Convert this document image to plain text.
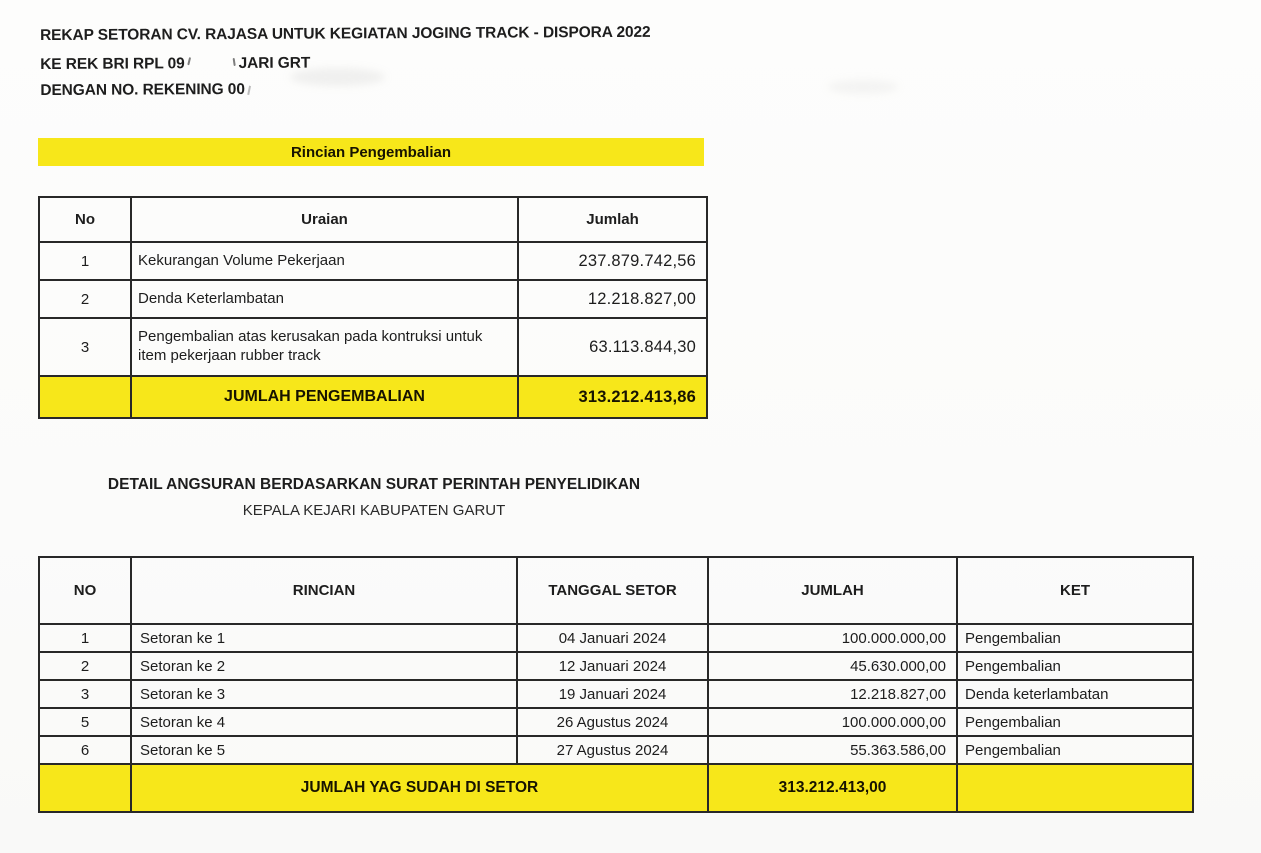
REKAP SETORAN CV. RAJASA UNTUK KEGIATAN JOGING TRACK - DISPORA 2022
KE REK BRI RPL 09	JARI GRT
DENGAN NO. REKENING 00
Rincian Pengembalian
No	Uraian	Jumlah
1	Kekurangan Volume Pekerjaan	237.879.742,56
2	Denda Keterlambatan	12.218.827,00
3	Pengembalian atas kerusakan pada kontruksi untuk item pekerjaan rubber track	63.113.844,30
	JUMLAH PENGEMBALIAN	313.212.413,86
DETAIL ANGSURAN BERDASARKAN SURAT PERINTAH PENYELIDIKAN
KEPALA KEJARI KABUPATEN GARUT
NO	RINCIAN	TANGGAL SETOR	JUMLAH	KET
1	Setoran ke 1	04 Januari 2024	100.000.000,00	Pengembalian
2	Setoran ke 2	12 Januari 2024	45.630.000,00	Pengembalian
3	Setoran ke 3	19 Januari 2024	12.218.827,00	Denda keterlambatan
5	Setoran ke 4	26 Agustus 2024	100.000.000,00	Pengembalian
6	Setoran ke 5	27 Agustus 2024	55.363.586,00	Pengembalian
	JUMLAH YAG SUDAH DI SETOR		313.212.413,00	
